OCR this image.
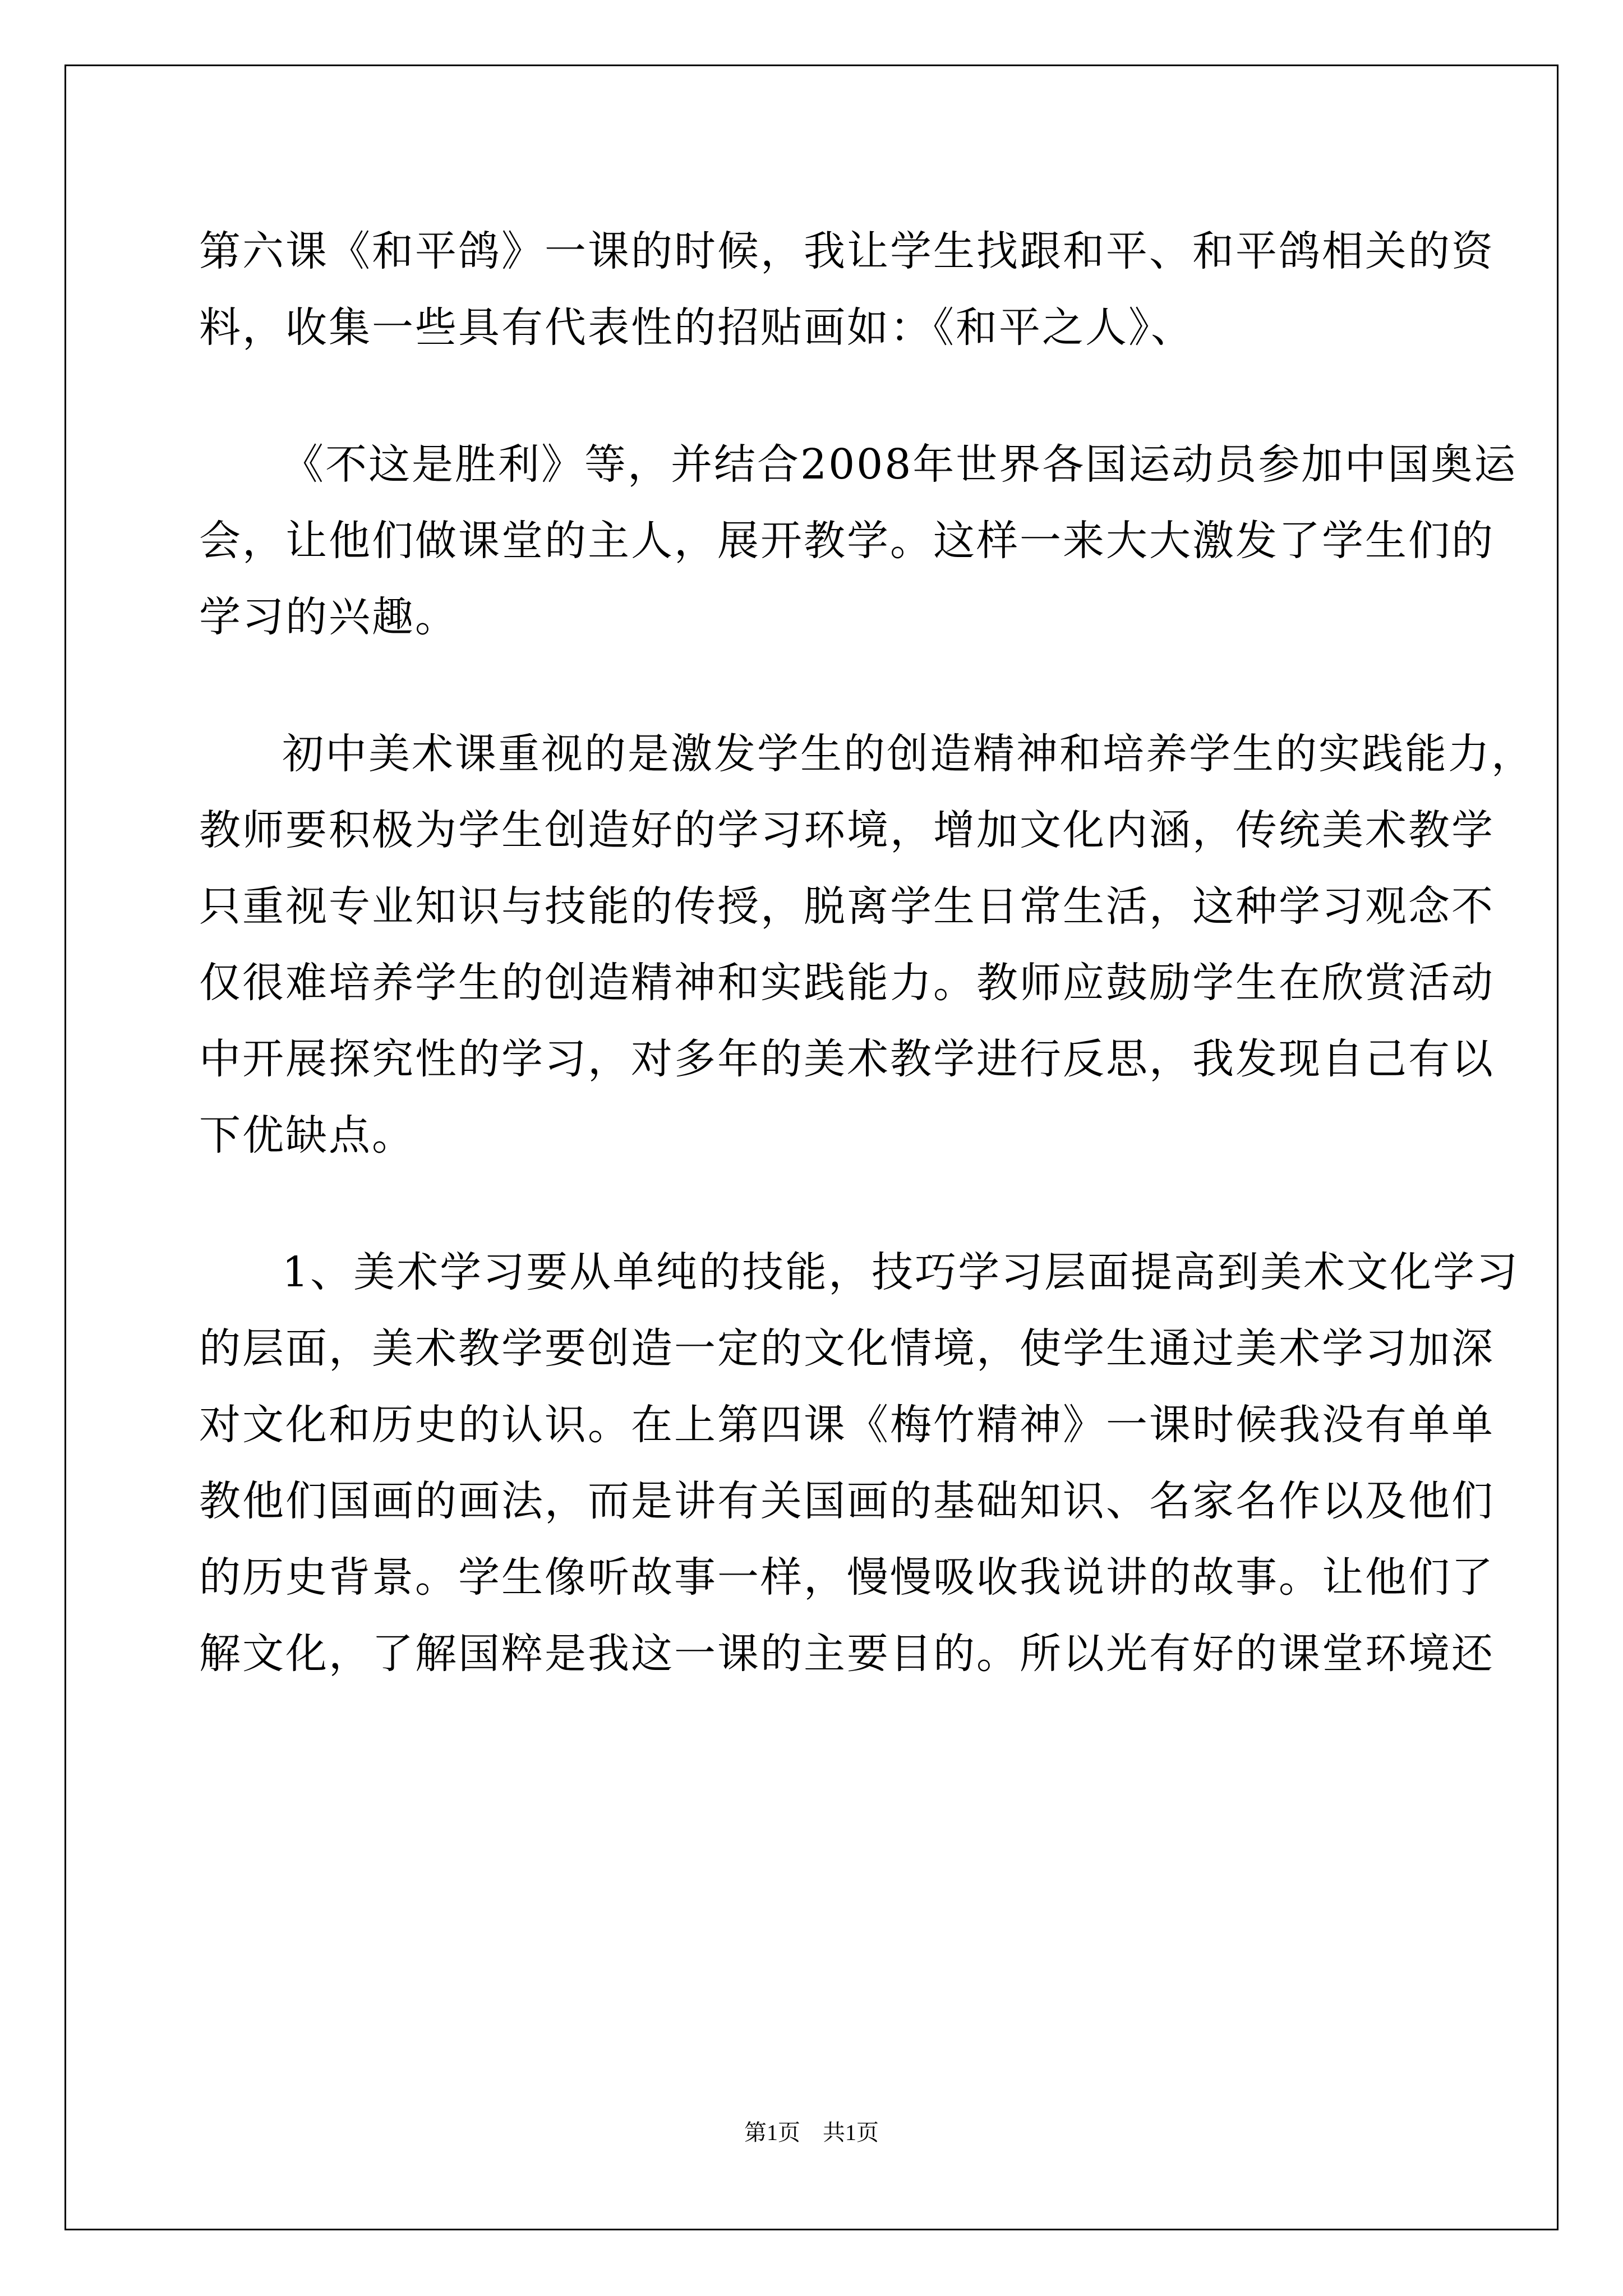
第六课《和平鸽》一课的时候，我让学生找跟和平、和平鸽相关的资
料，收集一些具有代表性的招贴画如：《和平之人》、
《不这是胜利》等，并结合2008年世界各国运动员参加中国奥运
会，让他们做课堂的主人，展开教学。这样一来大大激发了学生们的
学习的兴趣。
初中美术课重视的是激发学生的创造精神和培养学生的实践能力，
教师要积极为学生创造好的学习环境，增加文化内涵，传统美术教学
只重视专业知识与技能的传授，脱离学生日常生活，这种学习观念不
仅很难培养学生的创造精神和实践能力。教师应鼓励学生在欣赏活动
中开展探究性的学习，对多年的美术教学进行反思，我发现自己有以
下优缺点。
1、美术学习要从单纯的技能，技巧学习层面提高到美术文化学习
的层面，美术教学要创造一定的文化情境，使学生通过美术学习加深
对文化和历史的认识。在上第四课《梅竹精神》一课时候我没有单单
教他们国画的画法，而是讲有关国画的基础知识、名家名作以及他们
的历史背景。学生像听故事一样，慢慢吸收我说讲的故事。让他们了
解文化，了解国粹是我这一课的主要目的。所以光有好的课堂环境还
第1页　共1页
